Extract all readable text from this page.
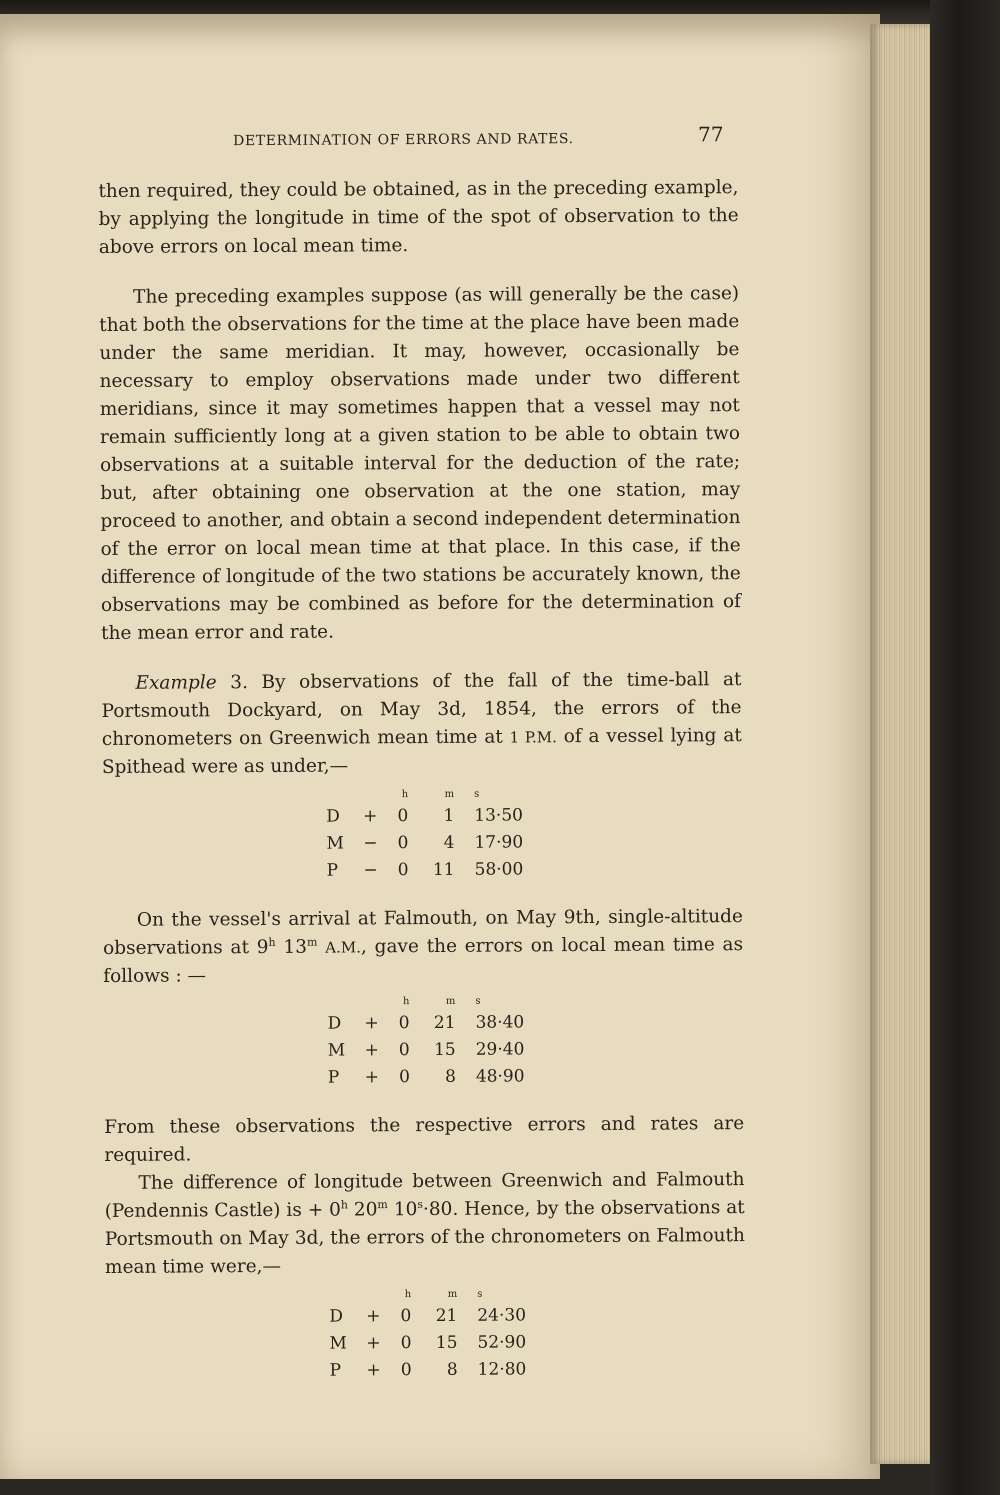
DETERMINATION OF ERRORS AND RATES.	77

then required, they could be obtained, as in the preceding example, by applying the longitude in time of the spot of observation to the above errors on local mean time.

The preceding examples suppose (as will generally be the case) that both the observations for the time at the place have been made under the same meridian. It may, however, occasionally be necessary to employ observations made under two different meridians, since it may sometimes happen that a vessel may not remain sufficiently long at a given station to be able to obtain two observations at a suitable interval for the deduction of the rate; but, after obtaining one observation at the one station, may proceed to another, and obtain a second independent determination of the error on local mean time at that place. In this case, if the difference of longitude of the two stations be accurately known, the observations may be combined as before for the determination of the mean error and rate.

Example 3. By observations of the fall of the time-ball at Portsmouth Dockyard, on May 3d, 1854, the errors of the chronometers on Greenwich mean time at 1 P.M. of a vessel lying at Spithead were as under,—

		h	m	s
D	+	0	1	13·50
M	−	0	4	17·90
P	−	0	11	58·00

On the vessel's arrival at Falmouth, on May 9th, single-altitude observations at 9$^h$ 13$^m$ A.M., gave the errors on local mean time as follows : —

		h	m	s
D	+	0	21	38·40
M	+	0	15	29·40
P	+	0	8	48·90

From these observations the respective errors and rates are required.

The difference of longitude between Greenwich and Falmouth (Pendennis Castle) is + $0^h$ 20$^m$ $10^s\cdot 80$. Hence, by the observations at Portsmouth on May 3d, the errors of the chronometers on Falmouth mean time were,—

		h	m	s
D	+	0	21	24·30
M	+	0	15	52·90
P	+	0	8	12·80
